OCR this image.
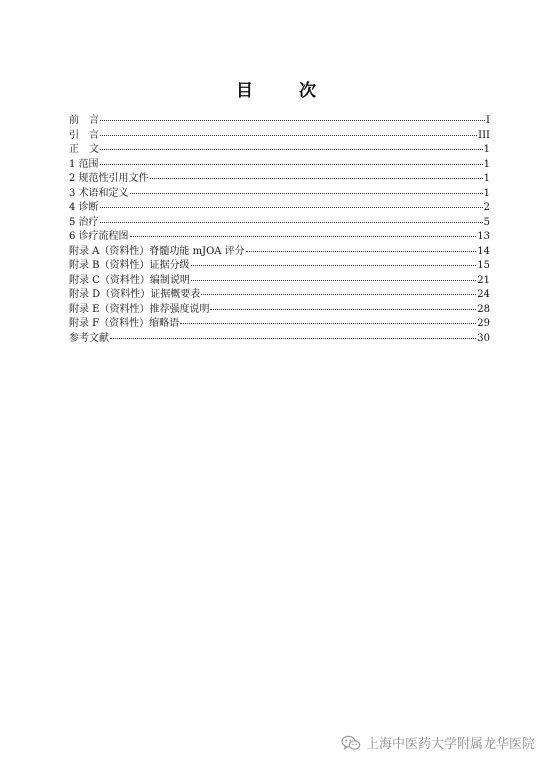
目 次
前　言	I
引　言	III
正　文	1
1 范围	1
2 规范性引用文件	1
3 术语和定义	1
4 诊断	2
5 治疗	5
6 诊疗流程图	13
附录 A（资料性）脊髓功能 mJOA 评分	14
附录 B（资料性）证据分级	15
附录 C（资料性）编制说明	21
附录 D（资料性）证据概要表	24
附录 E（资料性）推荐强度说明	28
附录 F（资料性）缩略语	29
参考文献	30
上海中医药大学附属龙华医院
